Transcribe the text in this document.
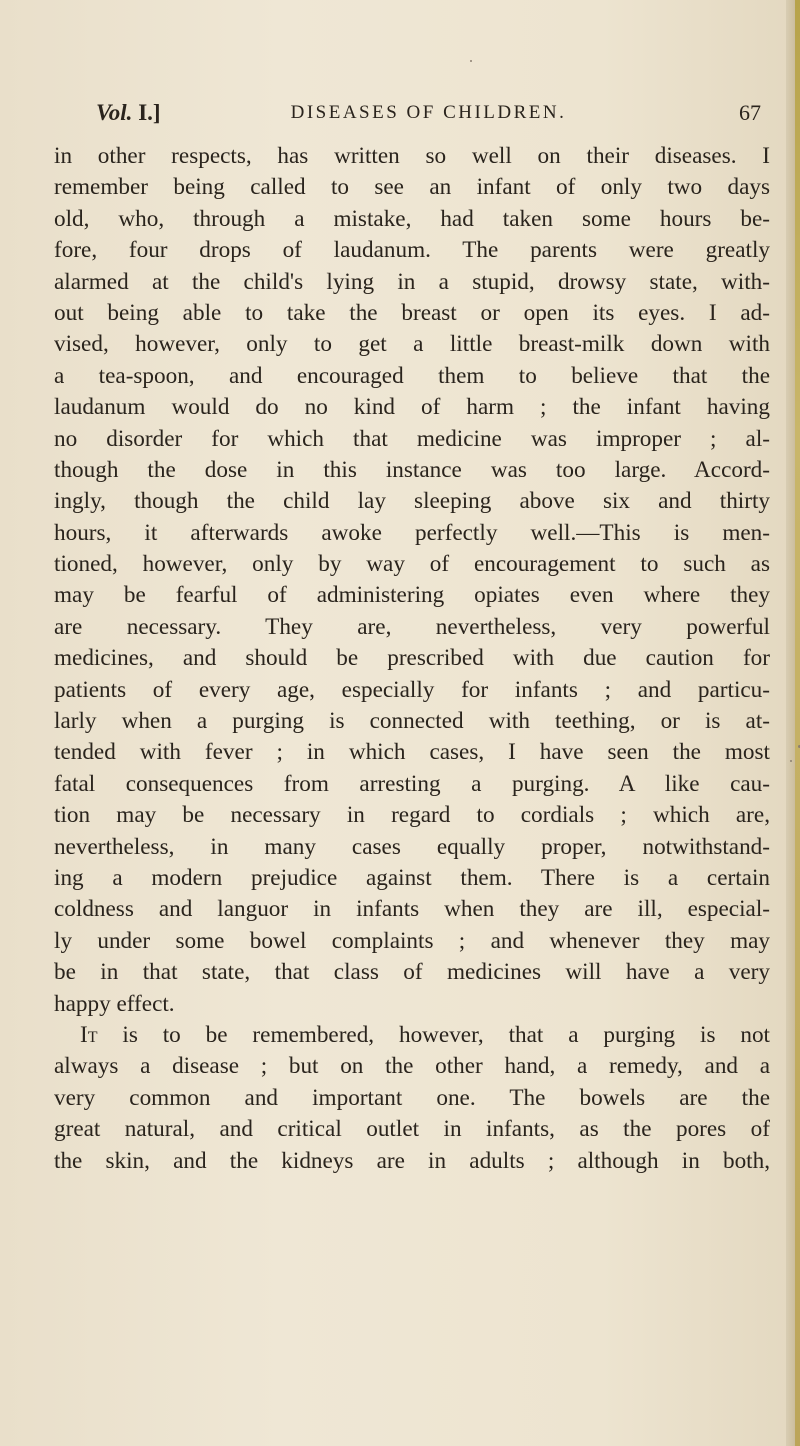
Vol. I.]	DISEASES OF CHILDREN.	67
in other respects, has written so well on their diseases. I
remember being called to see an infant of only two days
old, who, through a mistake, had taken some hours be-
fore, four drops of laudanum. The parents were greatly
alarmed at the child's lying in a stupid, drowsy state, with-
out being able to take the breast or open its eyes. I ad-
vised, however, only to get a little breast-milk down with
a tea-spoon, and encouraged them to believe that the
laudanum would do no kind of harm ; the infant having
no disorder for which that medicine was improper ; al-
though the dose in this instance was too large. Accord-
ingly, though the child lay sleeping above six and thirty
hours, it afterwards awoke perfectly well.—This is men-
tioned, however, only by way of encouragement to such as
may be fearful of administering opiates even where they
are necessary. They are, nevertheless, very powerful
medicines, and should be prescribed with due caution for
patients of every age, especially for infants ; and particu-
larly when a purging is connected with teething, or is at-
tended with fever ; in which cases, I have seen the most
fatal consequences from arresting a purging. A like cau-
tion may be necessary in regard to cordials ; which are,
nevertheless, in many cases equally proper, notwithstand-
ing a modern prejudice against them. There is a certain
coldness and languor in infants when they are ill, especial-
ly under some bowel complaints ; and whenever they may
be in that state, that class of medicines will have a very
happy effect.
It is to be remembered, however, that a purging is not
always a disease ; but on the other hand, a remedy, and a
very common and important one. The bowels are the
great natural, and critical outlet in infants, as the pores of
the skin, and the kidneys are in adults ; although in both,
